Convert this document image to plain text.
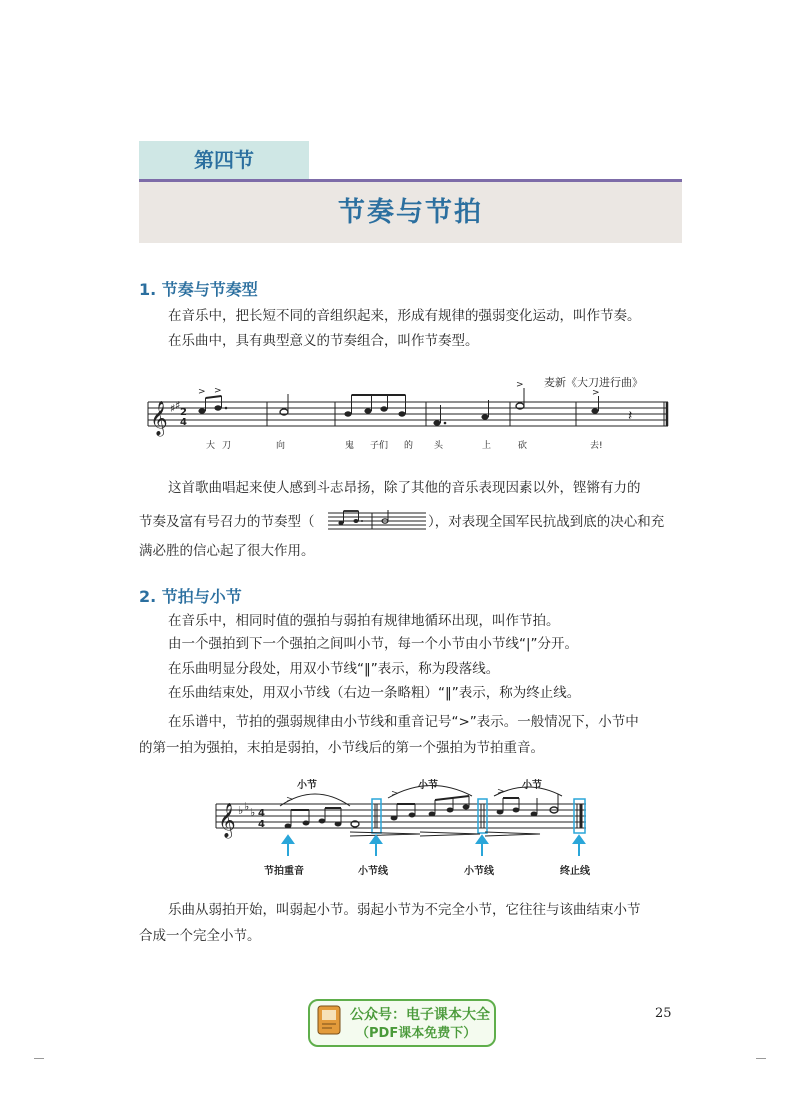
第四节
节奏与节拍
1. 节奏与节奏型
在音乐中，把长短不同的音组织起来，形成有规律的强弱变化运动，叫作节奏。
在乐曲中，具有典型意义的节奏组合，叫作节奏型。
麦新《大刀进行曲》
𝄞 ♯ ♯
2
4
> >
>
>
𝄽
大 刀	向	鬼 子们 的 头	上	砍	去!
这首歌曲唱起来使人感到斗志昂扬，除了其他的音乐表现因素以外，铿锵有力的
节奏及富有号召力的节奏型（	），对表现全国军民抗战到底的决心和充
满必胜的信心起了很大作用。
2. 节拍与小节
在音乐中，相同时值的强拍与弱拍有规律地循环出现，叫作节拍。
由一个强拍到下一个强拍之间叫小节，每一个小节由小节线“|”分开。
在乐曲明显分段处，用双小节线“‖”表示，称为段落线。
在乐曲结束处，用双小节线（右边一条略粗）“‖”表示，称为终止线。
在乐谱中，节拍的强弱规律由小节线和重音记号“>”表示。一般情况下，小节中
的第一拍为强拍，末拍是弱拍，小节线后的第一个强拍为节拍重音。
𝄞 ♭ ♭ ♭ 4
4
>
>	>
小节	小节	小节
节拍重音	小节线	小节线	终止线
乐曲从弱拍开始，叫弱起小节。弱起小节为不完全小节，它往往与该曲结束小节
合成一个完全小节。
公众号：电子课本大全
（PDF课本免费下）
25
